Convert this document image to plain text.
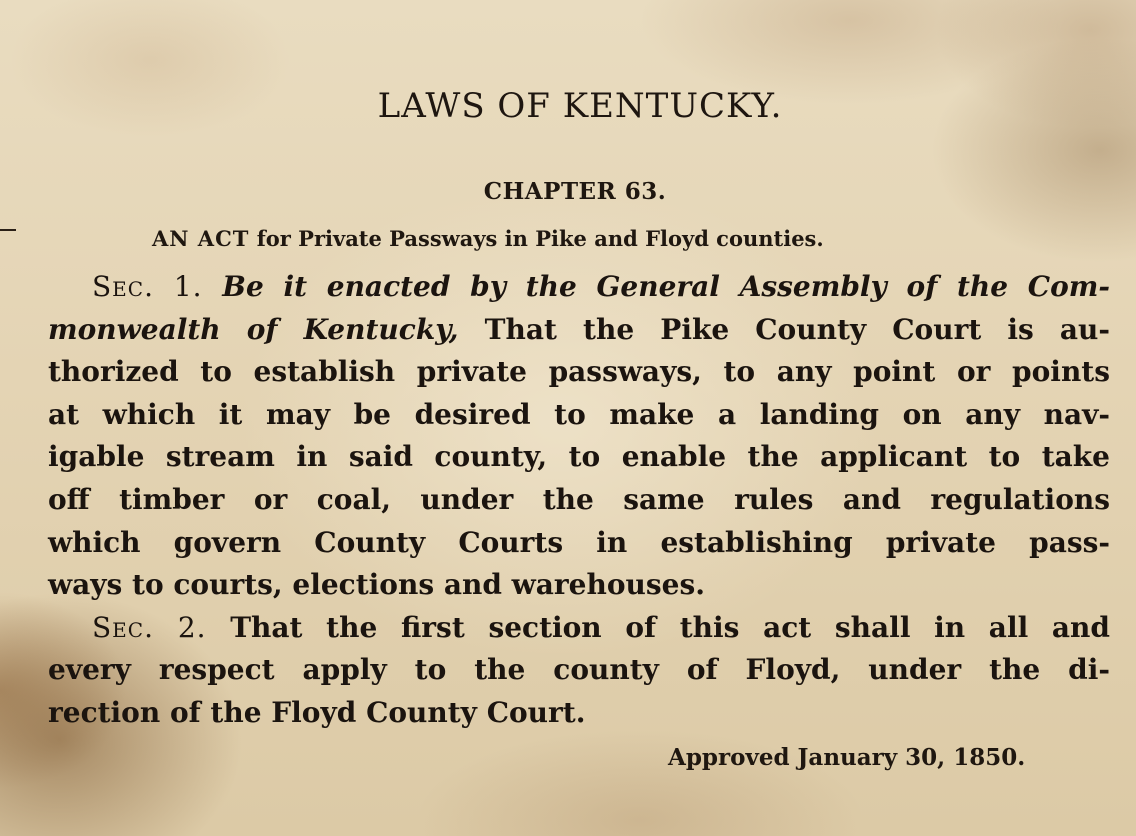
LAWS OF KENTUCKY.
CHAPTER 63.
AN ACT for Private Passways in Pike and Floyd counties.
Sec. 1. Be it enacted by the General Assembly of the Com-
monwealth of Kentucky, That the Pike County Court is au-
thorized to establish private passways, to any point or points
at which it may be desired to make a landing on any nav-
igable stream in said county, to enable the applicant to take
off timber or coal, under the same rules and regulations
which govern County Courts in establishing private pass-
ways to courts, elections and warehouses.
Sec. 2. That the first section of this act shall in all and
every respect apply to the county of Floyd, under the di-
rection of the Floyd County Court.
Approved January 30, 1850.
